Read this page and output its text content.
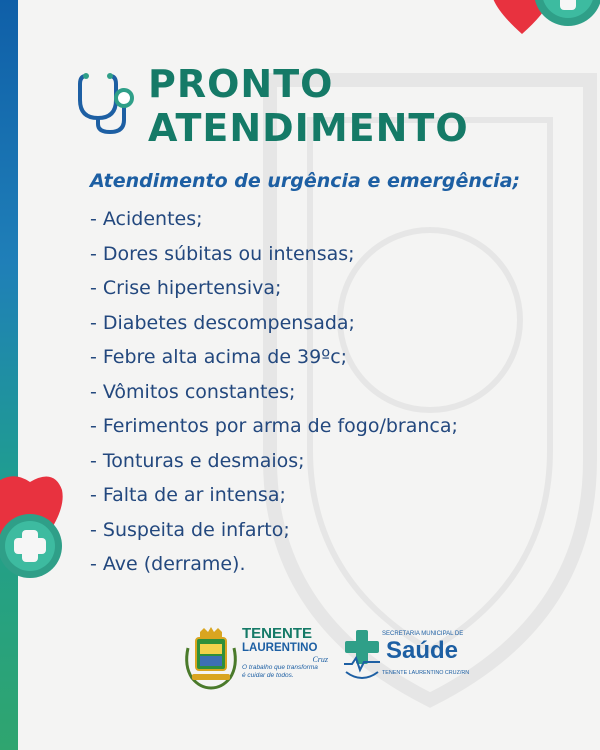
PRONTO
ATENDIMENTO
Atendimento de urgência e emergência;
- Acidentes;
- Dores súbitas ou intensas;
- Crise hipertensiva;
- Diabetes descompensada;
- Febre alta acima de 39ºc;
- Vômitos constantes;
- Ferimentos por arma de fogo/branca;
- Tonturas e desmaios;
- Falta de ar intensa;
- Suspeita de infarto;
- Ave (derrame).
TENENTE
LAURENTINO
Cruz
O trabalho que transforma
é cuidar de todos.
SECRETARIA MUNICIPAL DE
Saúde
TENENTE LAURENTINO CRUZ/RN
